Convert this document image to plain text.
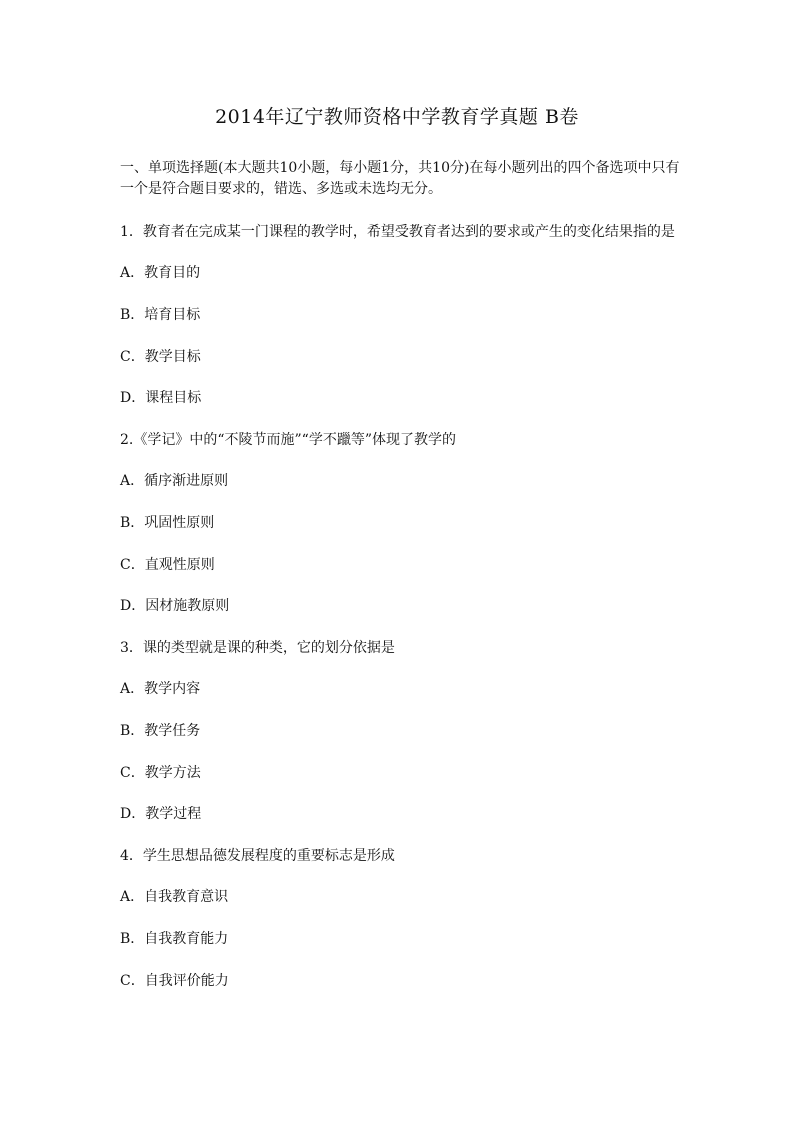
2014年辽宁教师资格中学教育学真题 B卷
一、单项选择题(本大题共10小题，每小题1分，共10分)在每小题列出的四个备选项中只有一个是符合题目要求的，错选、多选或未选均无分。
1．教育者在完成某一门课程的教学时，希望受教育者达到的要求或产生的变化结果指的是
A．教育目的
B．培育目标
C．教学目标
D．课程目标
2.《学记》中的“不陵节而施”“学不躐等”体现了教学的
A．循序渐进原则
B．巩固性原则
C．直观性原则
D．因材施教原则
3．课的类型就是课的种类，它的划分依据是
A．教学内容
B．教学任务
C．教学方法
D．教学过程
4．学生思想品德发展程度的重要标志是形成
A．自我教育意识
B．自我教育能力
C．自我评价能力
